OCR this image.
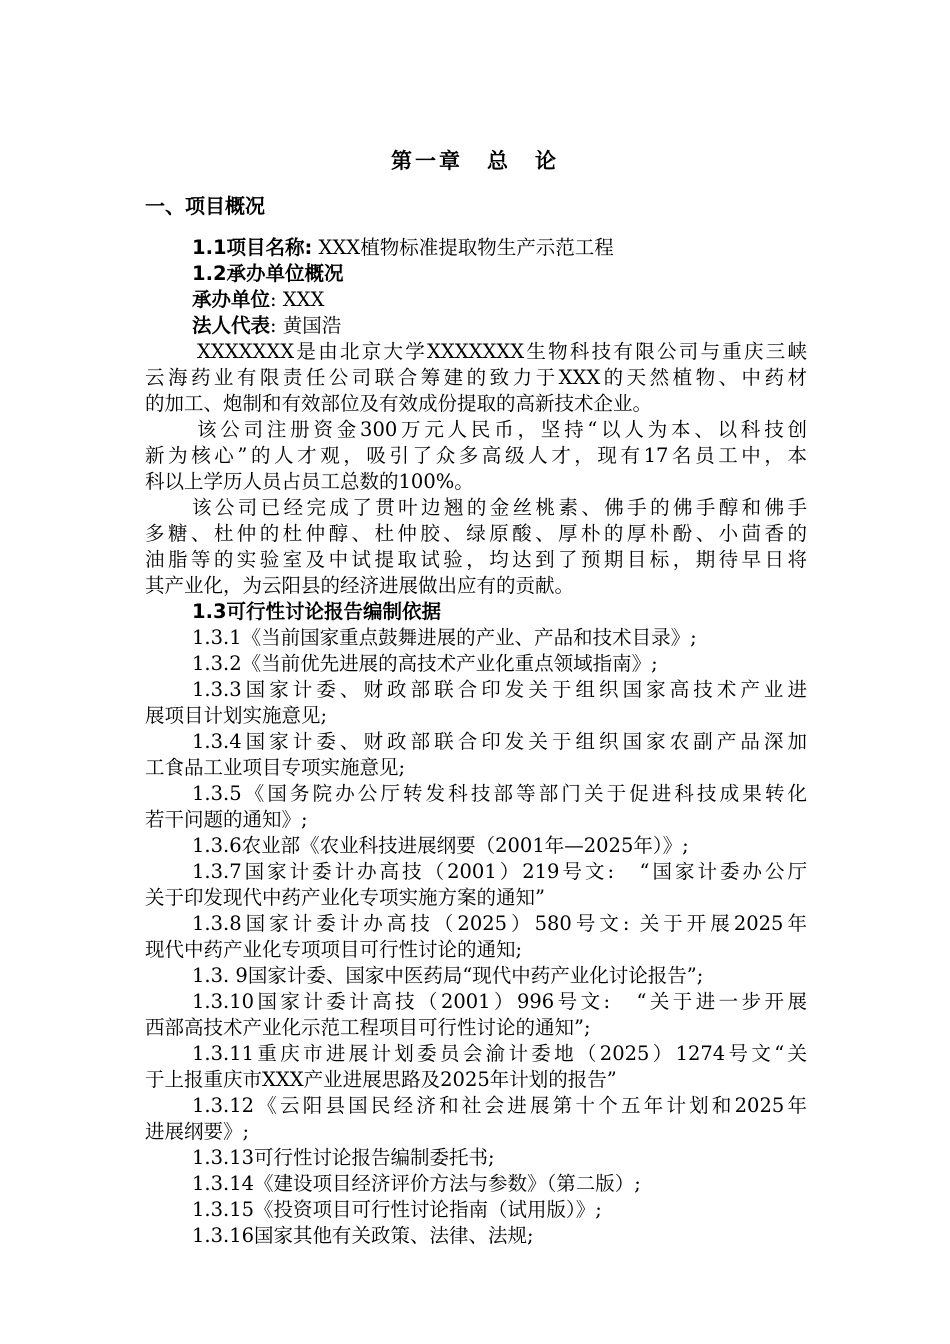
第一章　总　论
一、项目概况
1.1项目名称: XXX植物标准提取物生产示范工程
1.2承办单位概况
承办单位: XXX
法人代表: 黄国浩
XXXXXXX是由北京大学XXXXXXX生物科技有限公司与重庆三峡
云海药业有限责任公司联合筹建的致力于XXX的天然植物、中药材
的加工、炮制和有效部位及有效成份提取的高新技术企业。
该公司注册资金300万元人民币，坚持“以人为本、以科技创
新为核心”的人才观，吸引了众多高级人才，现有17名员工中，本
科以上学历人员占员工总数的100%。
该公司已经完成了贯叶边翘的金丝桃素、佛手的佛手醇和佛手
多糖、杜仲的杜仲醇、杜仲胶、绿原酸、厚朴的厚朴酚、小茴香的
油脂等的实验室及中试提取试验，均达到了预期目标，期待早日将
其产业化，为云阳县的经济进展做出应有的贡献。
1.3可行性讨论报告编制依据
1.3.1《当前国家重点鼓舞进展的产业、产品和技术目录》;
1.3.2《当前优先进展的高技术产业化重点领域指南》;
1.3.3国家计委、财政部联合印发关于组织国家高技术产业进
展项目计划实施意见;
1.3.4国家计委、财政部联合印发关于组织国家农副产品深加
工食品工业项目专项实施意见;
1.3.5《国务院办公厅转发科技部等部门关于促进科技成果转化
若干问题的通知》;
1.3.6农业部《农业科技进展纲要（2001年—2025年）》;
1.3.7国家计委计办高技（2001）219号文:　“国家计委办公厅
关于印发现代中药产业化专项实施方案的通知”
1.3.8国家计委计办高技（2025）580号文: 关于开展2025年
现代中药产业化专项项目可行性讨论的通知;
1.3. 9国家计委、国家中医药局“现代中药产业化讨论报告”;
1.3.10国家计委计高技（2001）996号文:　“关于进一步开展
西部高技术产业化示范工程项目可行性讨论的通知”;
1.3.11重庆市进展计划委员会渝计委地（2025）1274号文“关
于上报重庆市XXX产业进展思路及2025年计划的报告”
1.3.12《云阳县国民经济和社会进展第十个五年计划和2025年
进展纲要》;
1.3.13可行性讨论报告编制委托书;
1.3.14《建设项目经济评价方法与参数》（第二版）;
1.3.15《投资项目可行性讨论指南（试用版）》;
1.3.16国家其他有关政策、法律、法规;
